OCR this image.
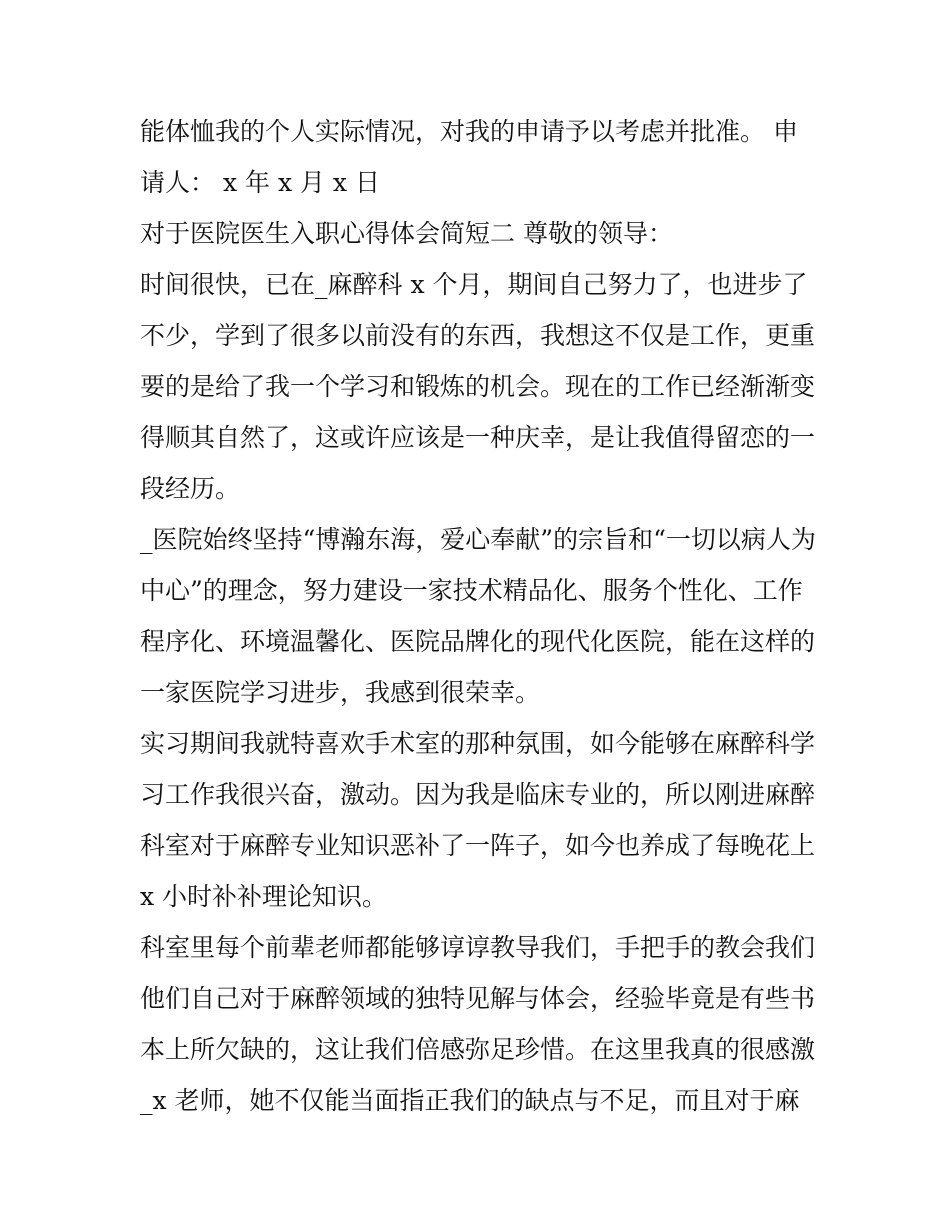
能体恤我的个人实际情况，对我的申请予以考虑并批准。 申
请人： x 年 x 月 x 日
对于医院医生入职心得体会简短二 尊敬的领导：
时间很快，已在_麻醉科 x 个月，期间自己努力了，也进步了
不少，学到了很多以前没有的东西，我想这不仅是工作，更重
要的是给了我一个学习和锻炼的机会。现在的工作已经渐渐变
得顺其自然了，这或许应该是一种庆幸，是让我值得留恋的一
段经历。
_医院始终坚持“博瀚东海，爱心奉献”的宗旨和“一切以病人为
中心”的理念，努力建设一家技术精品化、服务个性化、工作
程序化、环境温馨化、医院品牌化的现代化医院，能在这样的
一家医院学习进步，我感到很荣幸。
实习期间我就特喜欢手术室的那种氛围，如今能够在麻醉科学
习工作我很兴奋，激动。因为我是临床专业的，所以刚进麻醉
科室对于麻醉专业知识恶补了一阵子，如今也养成了每晚花上
x 小时补补理论知识。
科室里每个前辈老师都能够谆谆教导我们，手把手的教会我们
他们自己对于麻醉领域的独特见解与体会，经验毕竟是有些书
本上所欠缺的，这让我们倍感弥足珍惜。在这里我真的很感激
_x 老师，她不仅能当面指正我们的缺点与不足，而且对于麻
